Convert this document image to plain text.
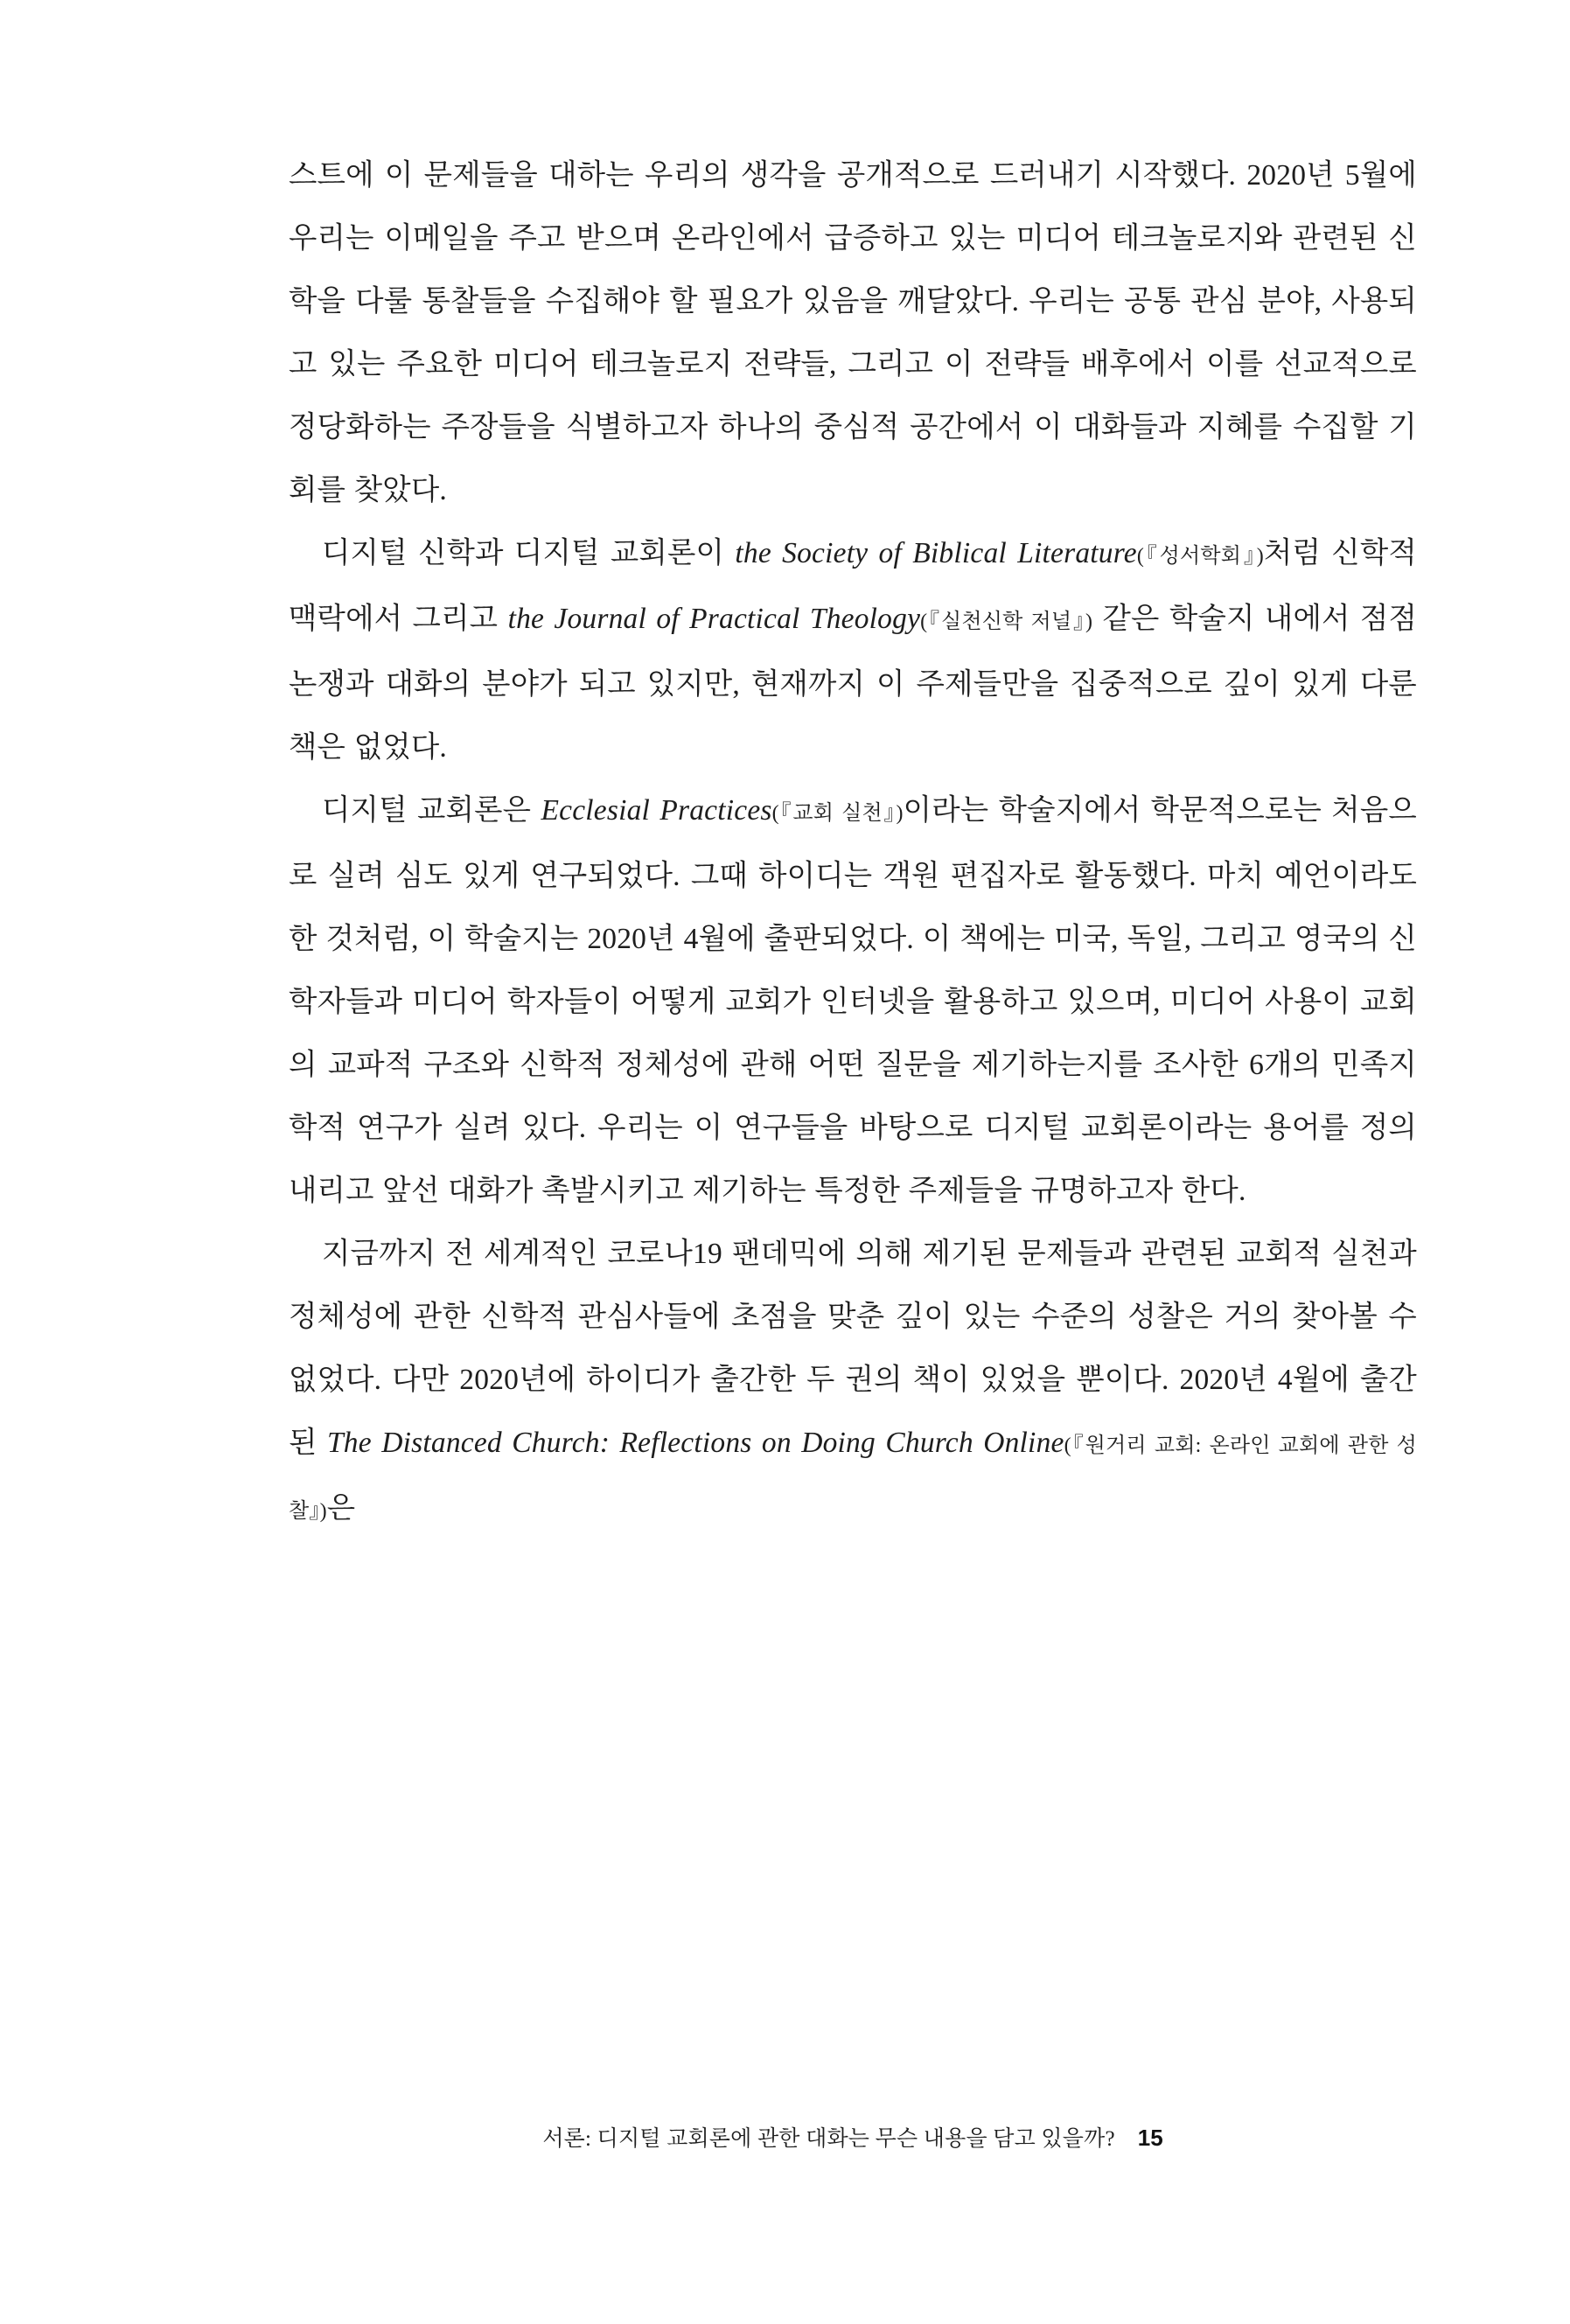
스트에 이 문제들을 대하는 우리의 생각을 공개적으로 드러내기 시작했다. 2020년 5월에 우리는 이메일을 주고 받으며 온라인에서 급증하고 있는 미디어 테크놀로지와 관련된 신학을 다룰 통찰들을 수집해야 할 필요가 있음을 깨달았다. 우리는 공통 관심 분야, 사용되고 있는 주요한 미디어 테크놀로지 전략들, 그리고 이 전략들 배후에서 이를 선교적으로 정당화하는 주장들을 식별하고자 하나의 중심적 공간에서 이 대화들과 지혜를 수집할 기회를 찾았다.

디지털 신학과 디지털 교회론이 the Society of Biblical Literature(『성서학회』)처럼 신학적 맥락에서 그리고 the Journal of Practical Theology(『실천신학 저널』) 같은 학술지 내에서 점점 논쟁과 대화의 분야가 되고 있지만, 현재까지 이 주제들만을 집중적으로 깊이 있게 다룬 책은 없었다.

디지털 교회론은 Ecclesial Practices(『교회 실천』)이라는 학술지에서 학문적으로는 처음으로 실려 심도 있게 연구되었다. 그때 하이디는 객원 편집자로 활동했다. 마치 예언이라도 한 것처럼, 이 학술지는 2020년 4월에 출판되었다. 이 책에는 미국, 독일, 그리고 영국의 신학자들과 미디어 학자들이 어떻게 교회가 인터넷을 활용하고 있으며, 미디어 사용이 교회의 교파적 구조와 신학적 정체성에 관해 어떤 질문을 제기하는지를 조사한 6개의 민족지학적 연구가 실려 있다. 우리는 이 연구들을 바탕으로 디지털 교회론이라는 용어를 정의 내리고 앞선 대화가 촉발시키고 제기하는 특정한 주제들을 규명하고자 한다.

지금까지 전 세계적인 코로나19 팬데믹에 의해 제기된 문제들과 관련된 교회적 실천과 정체성에 관한 신학적 관심사들에 초점을 맞춘 깊이 있는 수준의 성찰은 거의 찾아볼 수 없었다. 다만 2020년에 하이디가 출간한 두 권의 책이 있었을 뿐이다. 2020년 4월에 출간된 The Distanced Church: Reflections on Doing Church Online(『원거리 교회: 온라인 교회에 관한 성찰』)은

서론: 디지털 교회론에 관한 대화는 무슨 내용을 담고 있을까? 15
